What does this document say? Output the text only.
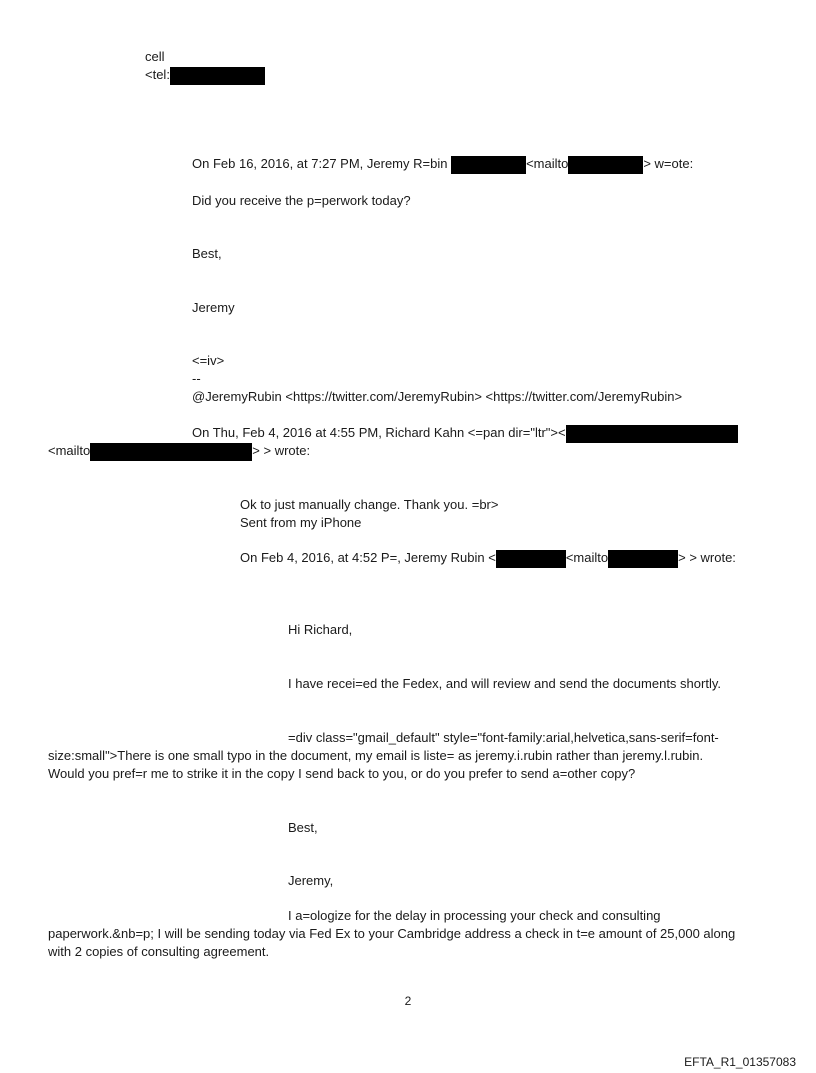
cell
<tel:
On Feb 16, 2016, at 7:27 PM, Jeremy R=bin	<mailto	> w=ote:
Did you receive the p=perwork today?
Best,
Jeremy
<=iv>
--
@JeremyRubin <https://twitter.com/JeremyRubin> <https://twitter.com/JeremyRubin>
On Thu, Feb 4, 2016 at 4:55 PM, Richard Kahn <=pan dir="ltr"><
<mailto	> > wrote:
Ok to just manually change. Thank you. =br>
Sent from my iPhone
On Feb 4, 2016, at 4:52 P=, Jeremy Rubin <	<mailto	> > wrote:
Hi Richard,
I have recei=ed the Fedex, and will review and send the documents shortly.
=div class="gmail_default" style="font-family:arial,helvetica,sans-serif=font-
size:small">There is one small typo in the document, my email is liste= as jeremy.i.rubin rather than jeremy.l.rubin.
Would you pref=r me to strike it in the copy I send back to you, or do you prefer to send a=other copy?
Best,
Jeremy,
I a=ologize for the delay in processing your check and consulting
paperwork.&nb=p; I will be sending today via Fed Ex to your Cambridge address a check in t=e amount of 25,000 along
with 2 copies of consulting agreement.
2
EFTA_R1_01357083
